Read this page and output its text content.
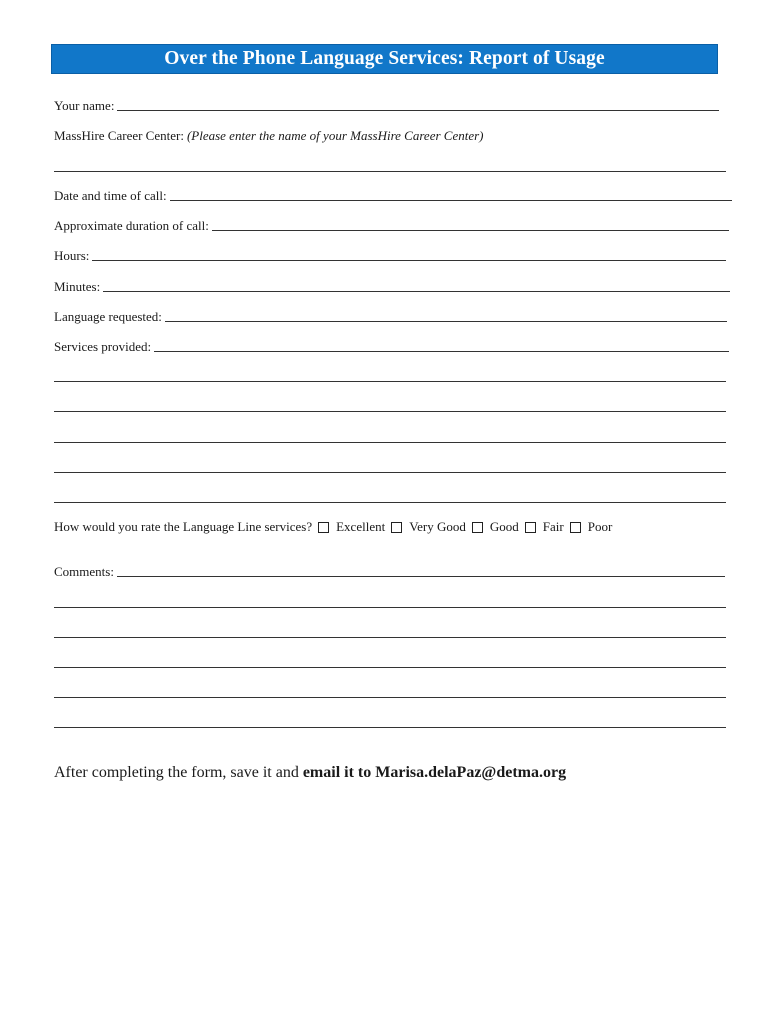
Over the Phone Language Services: Report of Usage
Your name:
MassHire Career Center: (Please enter the name of your MassHire Career Center)
Date and time of call:
Approximate duration of call:
Hours:
Minutes:
Language requested:
Services provided:
How would you rate the Language Line services? Excellent Very Good Good Fair Poor
Comments:
After completing the form, save it and email it to Marisa.delaPaz@detma.org
